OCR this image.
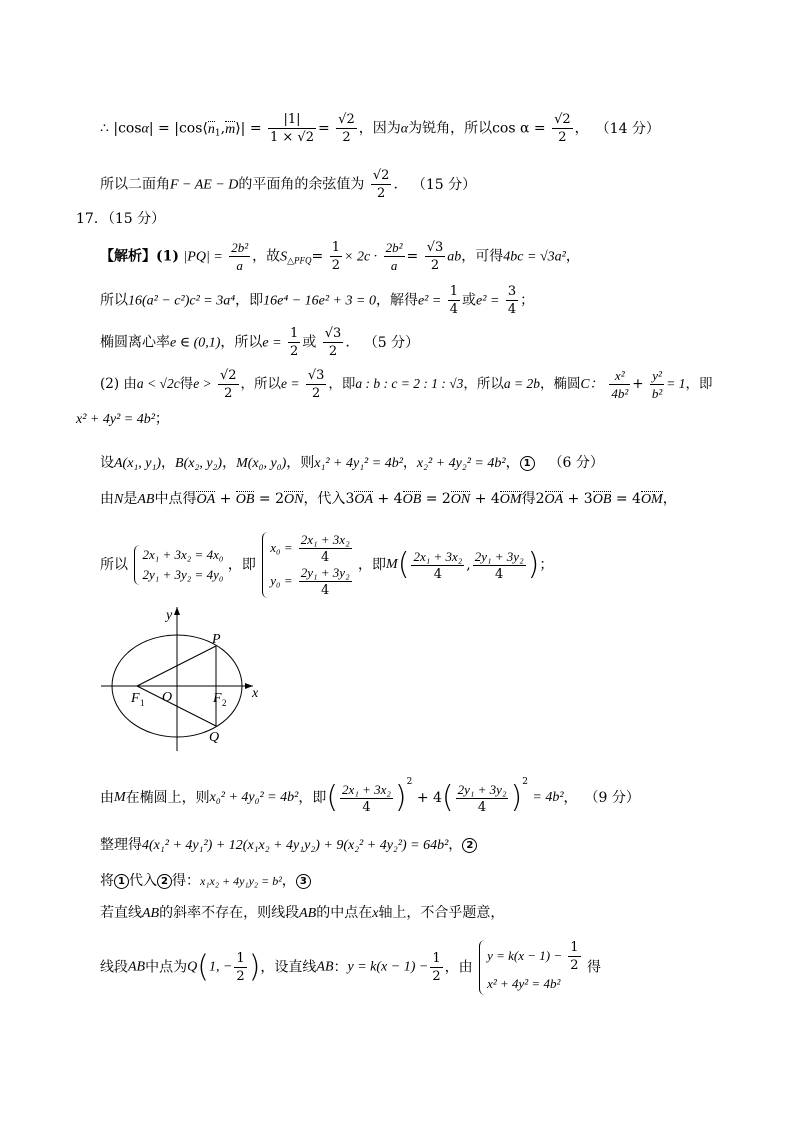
∴ $|\cos\alpha| = |\cos⟨n_1,m⟩| = \frac{|1|}{1 \times √2} = \frac{√2}{2}$ ，因为α为锐角，所以$\cos \alpha = \frac{√2}{2}$ ， （14 分）
所以二面角F − AE − D的平面角的余弦值为 $\frac{√2}{2}$ . （15 分）
17．（15 分）
【解析】(1) $|PQ| = \frac{\text{2b²}}{a}$ ，故$S_{\triangle PFQ}= \frac{1}{2} \times 2c \cdot \frac{\text{2b²}}{a} = \frac{√3}{2}$ ab，可得4bc = √3a²，
所以16(a² − c²)c² = 3a⁴，即16e⁴ − 16e² + 3 = 0，解得$e^2 = \frac{1}{4}$ 或$e^2 = \frac{3}{4}$ ；
椭圆离心率e ∈ (0,1)，所以$e = \frac{1}{2}$ 或 $\frac{√3}{2}$ . （5 分）
(2) 由a < √2c得$e > \frac{√2}{2}$ ，所以$e = \frac{√3}{2}$ ，即a : b : c = 2 : 1 : √3，所以a = 2b，椭圆C： $\frac{\text{x²}}{\text{4b²}} + \frac{\text{y²}}{\text{b²}} = 1$，即
x² + 4y² = 4b²；
设A(x₁, y₁)，B(x₂, y₂)，M(x₀, y₀)，则x₁² + 4y₁² = 4b²，x₂² + 4y₂² = 4b²， 1 （6 分）
由N是AB中点得OA + OB = 2ON，代入3OA + 4OB = 2ON + 4OM得2OA + 3OB = 4OM，
所以
2x₁ + 3x₂ = 4x₀
2y₁ + 3y₂ = 4y₀
，即
$x_0 = \frac{\text{2x₁ + 3x₂}}{4}$
$y_0 = \frac{\text{2y₁ + 3y₂}}{4}$ ，即$M( \frac{\text{2x₁ + 3x₂}}{4}$ , $\frac{\text{2y₁ + 3y₂}}{4}$ )；
y
x
P
Q
O
F 1	F 2
由M在椭圆上，则x₀² + 4y₀² = 4b²，即( $\frac{\text{2x₁ + 3x₂}}{4} )^2 + 4( \frac{\text{2y₁ + 3y₂}}{4} )^2 = 4b^2$， （9 分）
整理得4(x₁² + 4y₁²) + 12(x₁x₂ + 4y₁y₂) + 9(x₂² + 4y₂²) = 64b²， 2
将 1 代入 2 得：x₁x₂ + 4y₁y₂ = b²， 3
若直线AB的斜率不存在，则线段AB的中点在x轴上，不合乎题意，
线段AB中点为Q(1, − $\frac{1}{2}$ )，设直线AB：$y = k(x - 1) - \frac{1}{2}$ ，由
$y = k(x - 1) - \frac{1}{2}$
x² + 4y² = 4b²
得
